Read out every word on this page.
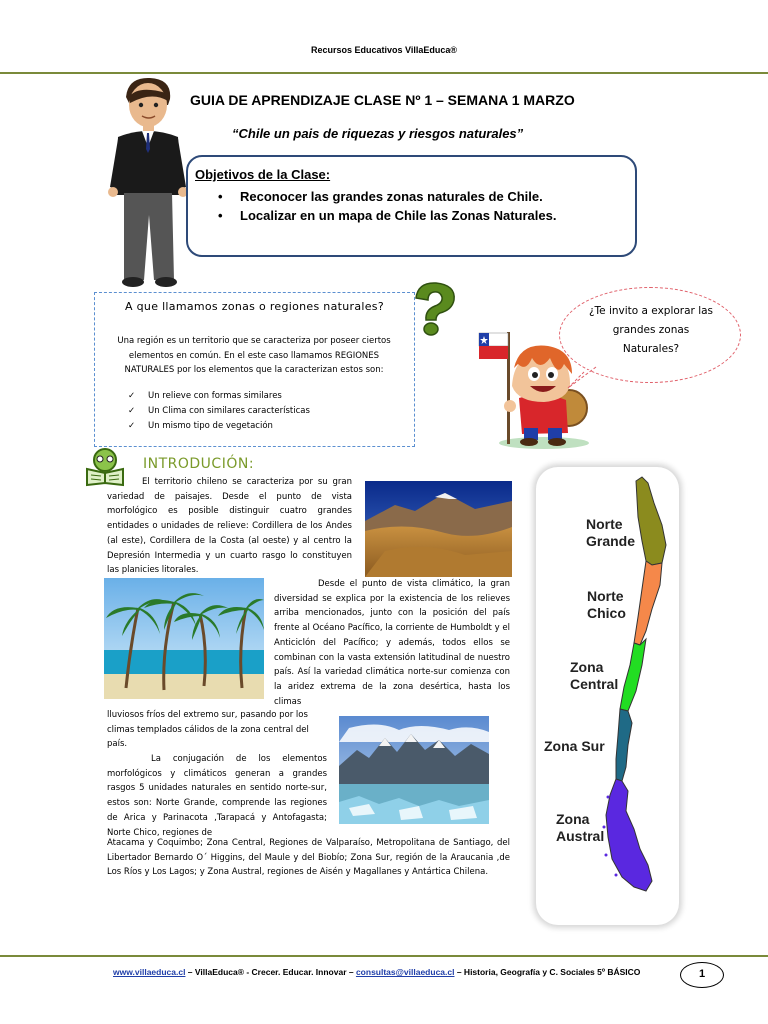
Recursos Educativos VillaEduca®
GUIA DE APRENDIZAJE CLASE Nº 1 – SEMANA 1 MARZO
“Chile un pais de riquezas y riesgos naturales”
Objetivos de la Clase:
• Reconocer las grandes zonas naturales de Chile.
• Localizar en un mapa de Chile las Zonas Naturales.
A que llamamos zonas o regiones naturales?
Una región es un territorio que se caracteriza por poseer ciertos elementos en común. En el este caso llamamos REGIONES NATURALES por los elementos que la caracterizan estos son:
✓ Un relieve con formas similares
✓ Un Clima con similares características
✓ Un mismo tipo de vegetación
¿Te invito a explorar las grandes zonas Naturales?
INTRODUCIÓN:
El territorio chileno se caracteriza por su gran variedad de paisajes. Desde el punto de vista morfológico es posible distinguir cuatro grandes entidades o unidades de relieve: Cordillera de los Andes (al este), Cordillera de la Costa (al oeste) y al centro la Depresión Intermedia y un cuarto rasgo lo constituyen las planicies litorales.
Desde el punto de vista climático, la gran diversidad se explica por la existencia de los relieves arriba mencionados, junto con la posición del país frente al Océano Pacífico, la corriente de Humboldt y el Anticiclón del Pacífico; y además, todos ellos se combinan con la vasta extensión latitudinal de nuestro país. Así la variedad climática norte-sur comienza con la aridez extrema de la zona desértica, hasta los climas
lluviosos fríos del extremo sur, pasando por los climas templados cálidos de la zona central del país.
La conjugación de los elementos morfológicos y climáticos generan a grandes rasgos 5 unidades naturales en sentido norte-sur, estos son: Norte Grande, comprende las regiones de Arica y Parinacota ,Tarapacá y Antofagasta; Norte Chico, regiones de
Atacama y Coquimbo; Zona Central, Regiones de Valparaíso, Metropolitana de Santiago, del Libertador Bernardo O´ Higgins, del Maule y del Biobío; Zona Sur, región de la Araucania ,de Los Ríos y Los Lagos; y Zona Austral, regiones de Aisén y Magallanes y Antártica Chilena.
Norte
Grande
Norte
Chico
Zona
Central
Zona Sur
Zona
Austral
www.villaeduca.cl – VillaEduca® - Crecer. Educar. Innovar – consultas@villaeduca.cl – Historia, Geografía y C. Sociales 5º BÁSICO	1
